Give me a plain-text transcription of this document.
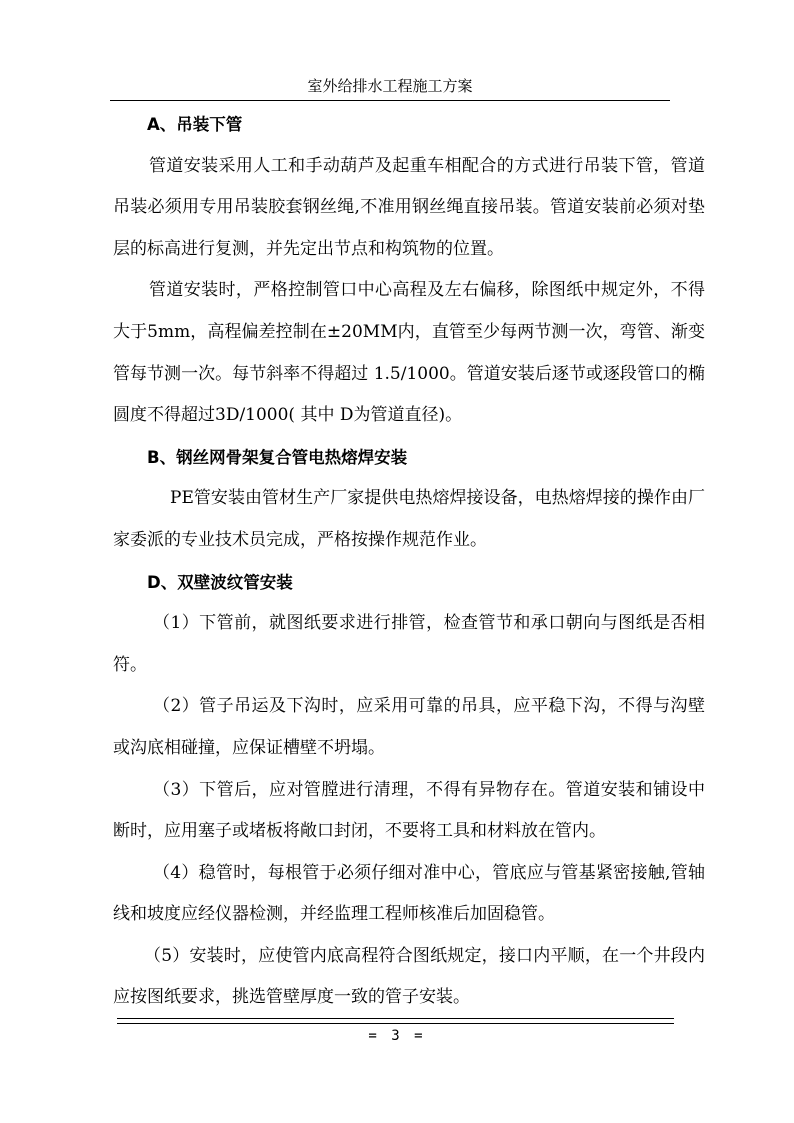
室外给排水工程施工方案

A、吊装下管

管道安装采用人工和手动葫芦及起重车相配合的方式进行吊装下管，管道吊装必须用专用吊装胶套钢丝绳,不准用钢丝绳直接吊装。管道安装前必须对垫层的标高进行复测，并先定出节点和构筑物的位置。

管道安装时，严格控制管口中心高程及左右偏移，除图纸中规定外，不得大于5mm，高程偏差控制在±20MM内，直管至少每两节测一次，弯管、渐变管每节测一次。每节斜率不得超过 1.5/1000。管道安装后逐节或逐段管口的椭圆度不得超过3D/1000( 其中 D为管道直径)。

B、钢丝网骨架复合管电热熔焊安装

PE管安装由管材生产厂家提供电热熔焊接设备，电热熔焊接的操作由厂家委派的专业技术员完成，严格按操作规范作业。

D、双壁波纹管安装

（1）下管前，就图纸要求进行排管，检查管节和承口朝向与图纸是否相符。

（2）管子吊运及下沟时，应采用可靠的吊具，应平稳下沟，不得与沟壁或沟底相碰撞，应保证槽壁不坍塌。

（3）下管后，应对管膛进行清理，不得有异物存在。管道安装和铺设中断时，应用塞子或堵板将敞口封闭，不要将工具和材料放在管内。

（4）稳管时，每根管于必须仔细对准中心，管底应与管基紧密接触,管轴线和坡度应经仪器检测，并经监理工程师核准后加固稳管。

（5）安装时，应使管内底高程符合图纸规定，接口内平顺，在一个井段内应按图纸要求，挑选管壁厚度一致的管子安装。

= 3 =
